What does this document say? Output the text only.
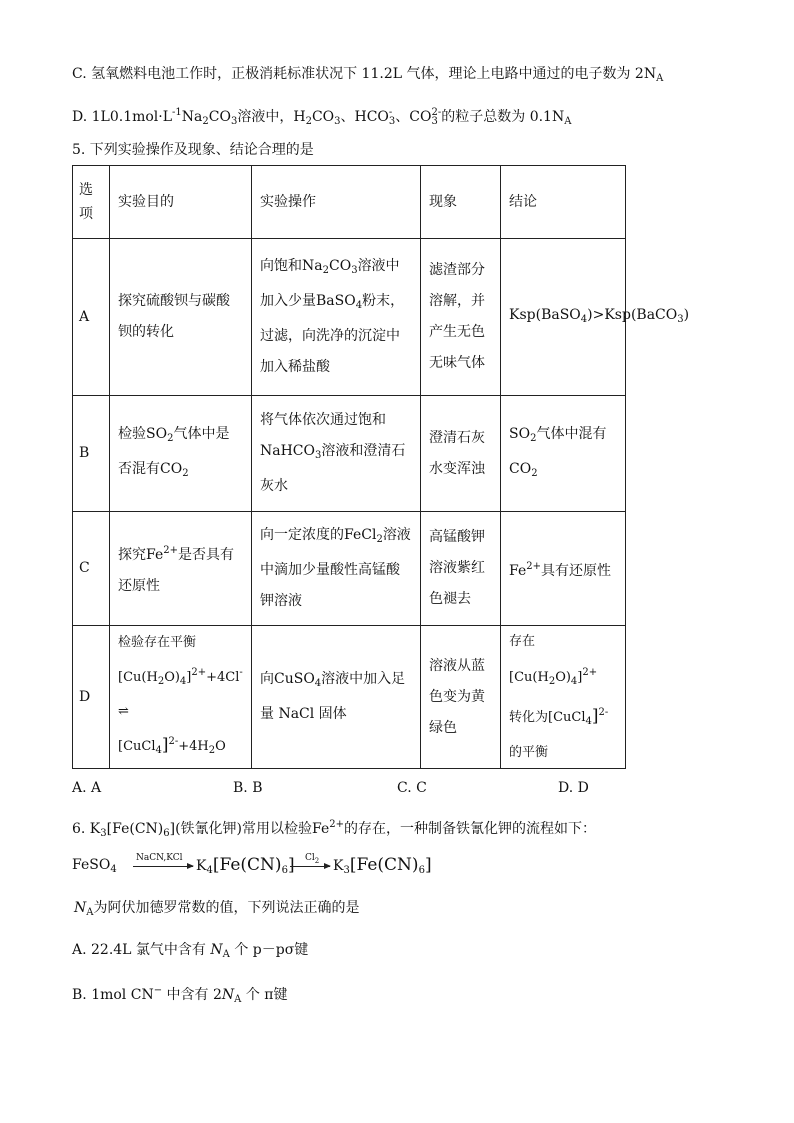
C. 氢氧燃料电池工作时，正极消耗标准状况下 11.2L 气体，理论上电路中通过的电子数为 $2N_A$
D. $1L0.1mol\cdot L^{-1}Na_2CO_3$溶液中，$H_2CO_3$、HCO -
3 、CO 2-
3 的粒子总数为 $0.1N_A$
5. 下列实验操作及现象、结论合理的是
选项	实验目的	实验操作	现象	结论
A	探究硫酸钡与碳酸钡的转化	向饱和$Na_2CO_3$溶液中加入少量BaSO$_4$粉末，过滤，向洗净的沉淀中加入稀盐酸	滤渣部分溶解，并产生无色无味气体	Ksp(BaSO$_4$)>Ksp(BaCO$_3$)
B	检验$SO_2$气体中是否混有$CO_2$	将气体依次通过饱和 NaHCO$_3$溶液和澄清石灰水	澄清石灰水变浑浊	$SO_2$气体中混有$CO_2$
C	探究$Fe^{2+}$是否具有还原性	向一定浓度的FeCl$_2$溶液中滴加少量酸性高锰酸钾溶液	高锰酸钾溶液紫红色褪去	$Fe^{2+}$具有还原性
D	检验存在平衡
$[Cu(H_2O)_4]^{2+}+4Cl^-\rightleftharpoons$
$[CuCl_4]^{2-}+4H_2O$	向CuSO$_4$溶液中加入足量 NaCl 固体	溶液从蓝色变为黄绿色	存在$[Cu(H_2O)_4]^{2+}$
转化为[CuCl$_4$]$^{2-}$
的平衡
A. A	B. B	C. C	D. D
6. $K_3[Fe(CN)_6]$(铁氰化钾)常用以检验$Fe^{2+}$的存在，一种制备铁氰化钾的流程如下：
FeSO$_4$
NaCN,KCl $K_4[Fe(CN)_6]$ $Cl_2$ $K_3[Fe(CN)_6]$
$N_A$为阿伏加德罗常数的值，下列说法正确的是
A. 22.4L 氯气中含有 $N_A$ 个 p－pσ键
B. 1mol CN− 中含有 $2N_A$ 个 π键
